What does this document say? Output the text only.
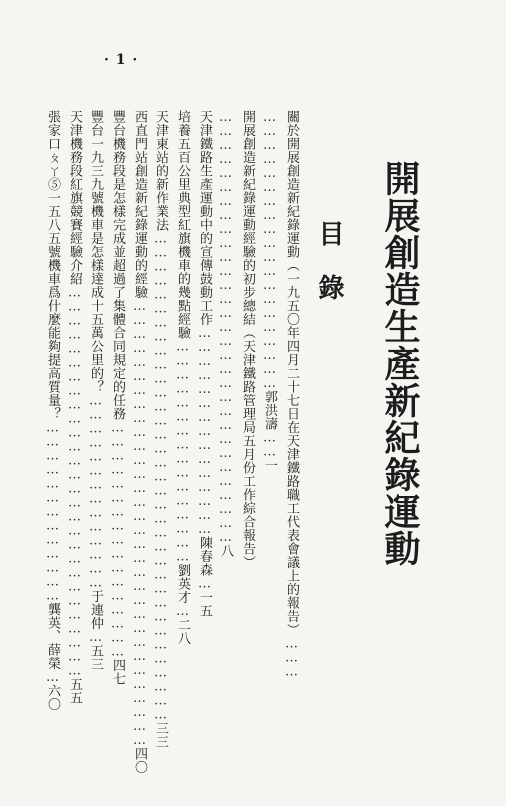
· 1 ·
開展創造生產新紀錄運動
目錄
關於開展創造新紀錄運動（一九五〇年四月二十七日在天津鐵路職工代表會議上的報告）………
……………………………………………………郭洪濤……一
開展創造新紀錄運動經驗的初步總結（天津鐵路管理局五月份工作綜合報告）
…………………………………………………………………………………八
天津鐵路生產運動中的宣傳鼓動工作………………………………………陳春森…一五
培養五百公里典型紅旗機車的幾點經驗…………………………………………劉英才…二八
天津東站的新作業法……………………………………………………………………………………………三三
西直門站創造新紀錄運動的經驗……………………………………………………………………………………四〇
豐台機務段是怎樣完成並超過了集體合同規定的任務……………………………………………四七
豐台一九三九號機車是怎樣達成十五萬公里的？……………………………………于連仲…五三
天津機務段紅旗競賽經驗介紹…………………………………………………………………………五五
張家口ㄆㄚ⑤一五八五號機車爲什麼能夠提高質量？…………………………………龔英、薛榮…六〇
